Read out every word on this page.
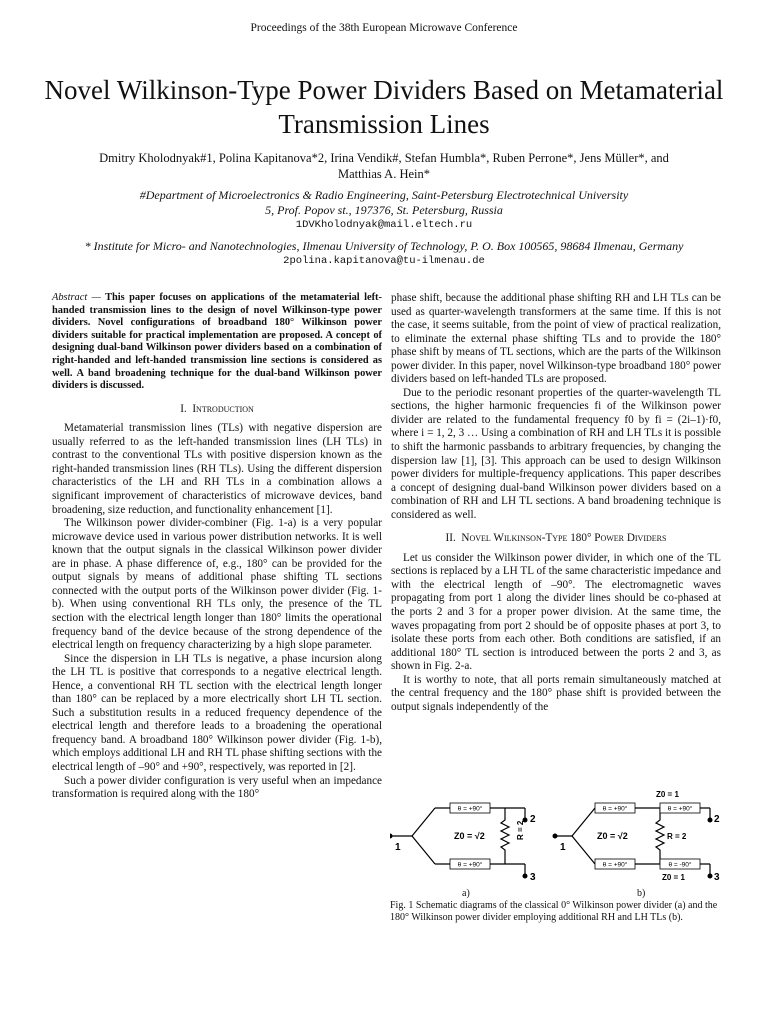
Proceedings of the 38th European Microwave Conference
Novel Wilkinson-Type Power Dividers Based on Metamaterial Transmission Lines
Dmitry Kholodnyak#1, Polina Kapitanova*2, Irina Vendik#, Stefan Humbla*, Ruben Perrone*, Jens Müller*, and
Matthias A. Hein*
#Department of Microelectronics & Radio Engineering, Saint-Petersburg Electrotechnical University
5, Prof. Popov st., 197376, St. Petersburg, Russia
1DVKholodnyak@mail.eltech.ru
* Institute for Micro- and Nanotechnologies, Ilmenau University of Technology, P. O. Box 100565, 98684 Ilmenau, Germany
2polina.kapitanova@tu-ilmenau.de

Abstract — This paper focuses on applications of the metamaterial left-handed transmission lines to the design of novel Wilkinson-type power dividers. Novel configurations of broadband 180° Wilkinson power dividers suitable for practical implementation are proposed. A concept of designing dual-band Wilkinson power dividers based on a combination of right-handed and left-handed transmission line sections is considered as well. A band broadening technique for the dual-band Wilkinson power dividers is discussed.

I. Introduction

Metamaterial transmission lines (TLs) with negative dispersion are usually referred to as the left-handed transmission lines (LH TLs) in contrast to the conventional TLs with positive dispersion known as the right-handed transmission lines (RH TLs). Using the different dispersion characteristics of the LH and RH TLs in a combination allows a significant improvement of characteristics of microwave devices, band broadening, size reduction, and functionality enhancement [1].

The Wilkinson power divider-combiner (Fig. 1-a) is a very popular microwave device used in various power distribution networks. It is well known that the output signals in the classical Wilkinson power divider are in phase. A phase difference of, e.g., 180° can be provided for the output signals by means of additional phase shifting TL sections connected with the output ports of the Wilkinson power divider (Fig. 1-b). When using conventional RH TLs only, the presence of the TL section with the electrical length longer than 180° limits the operational frequency band of the device because of the strong dependence of the electrical length on frequency characterizing by a high slope parameter.

Since the dispersion in LH TLs is negative, a phase incursion along the LH TL is positive that corresponds to a negative electrical length. Hence, a conventional RH TL section with the electrical length longer than 180° can be replaced by a more electrically short LH TL section. Such a substitution results in a reduced frequency dependence of the electrical length and therefore leads to a broadening the operational frequency band. A broadband 180° Wilkinson power divider (Fig. 1-b), which employs additional LH and RH TL phase shifting sections with the electrical length of –90° and +90°, respectively, was reported in [2].

Such a power divider configuration is very useful when an impedance transformation is required along with the 180°

phase shift, because the additional phase shifting RH and LH TLs can be used as quarter-wavelength transformers at the same time. If this is not the case, it seems suitable, from the point of view of practical realization, to eliminate the external phase shifting TLs and to provide the 180° phase shift by means of TL sections, which are the parts of the Wilkinson power divider. In this paper, novel Wilkinson-type broadband 180° power dividers based on left-handed TLs are proposed.

Due to the periodic resonant properties of the quarter-wavelength TL sections, the higher harmonic frequencies fi of the Wilkinson power divider are related to the fundamental frequency f0 by fi = (2i–1)·f0, where i = 1, 2, 3 … Using a combination of RH and LH TLs it is possible to shift the harmonic passbands to arbitrary frequencies, by changing the dispersion law [1], [3]. This approach can be used to design Wilkinson power dividers for multiple-frequency applications. This paper describes a concept of designing dual-band Wilkinson power dividers based on a combination of RH and LH TL sections. A band broadening technique is considered as well.

II. Novel Wilkinson-Type 180° Power Dividers

Let us consider the Wilkinson power divider, in which one of the TL sections is replaced by a LH TL of the same characteristic impedance and with the electrical length of –90°. The electromagnetic waves propagating from port 1 along the divider lines should be co-phased at the ports 2 and 3 for a proper power division. At the same time, the waves propagating from port 2 should be of opposite phases at port 3, to isolate these ports from each other. Both conditions are satisfied, if an additional 180° TL section is introduced between the ports 2 and 3, as shown in Fig. 2-a.

It is worthy to note, that all ports remain simultaneously matched at the central frequency and the 180° phase shift is provided between the output signals independently of the

θ = +90°
θ = +90°
θ = +90°	θ = +90°
θ = +90°	θ = -90°
Z0 = √2	Z0 = √2
R = 2	R = 2
Z0 = 1
Z0 = 1
1
2
3
1
2
3
a)	b)
Fig. 1 Schematic diagrams of the classical 0° Wilkinson power divider (a) and the 180° Wilkinson power divider employing additional RH and LH TLs (b).
